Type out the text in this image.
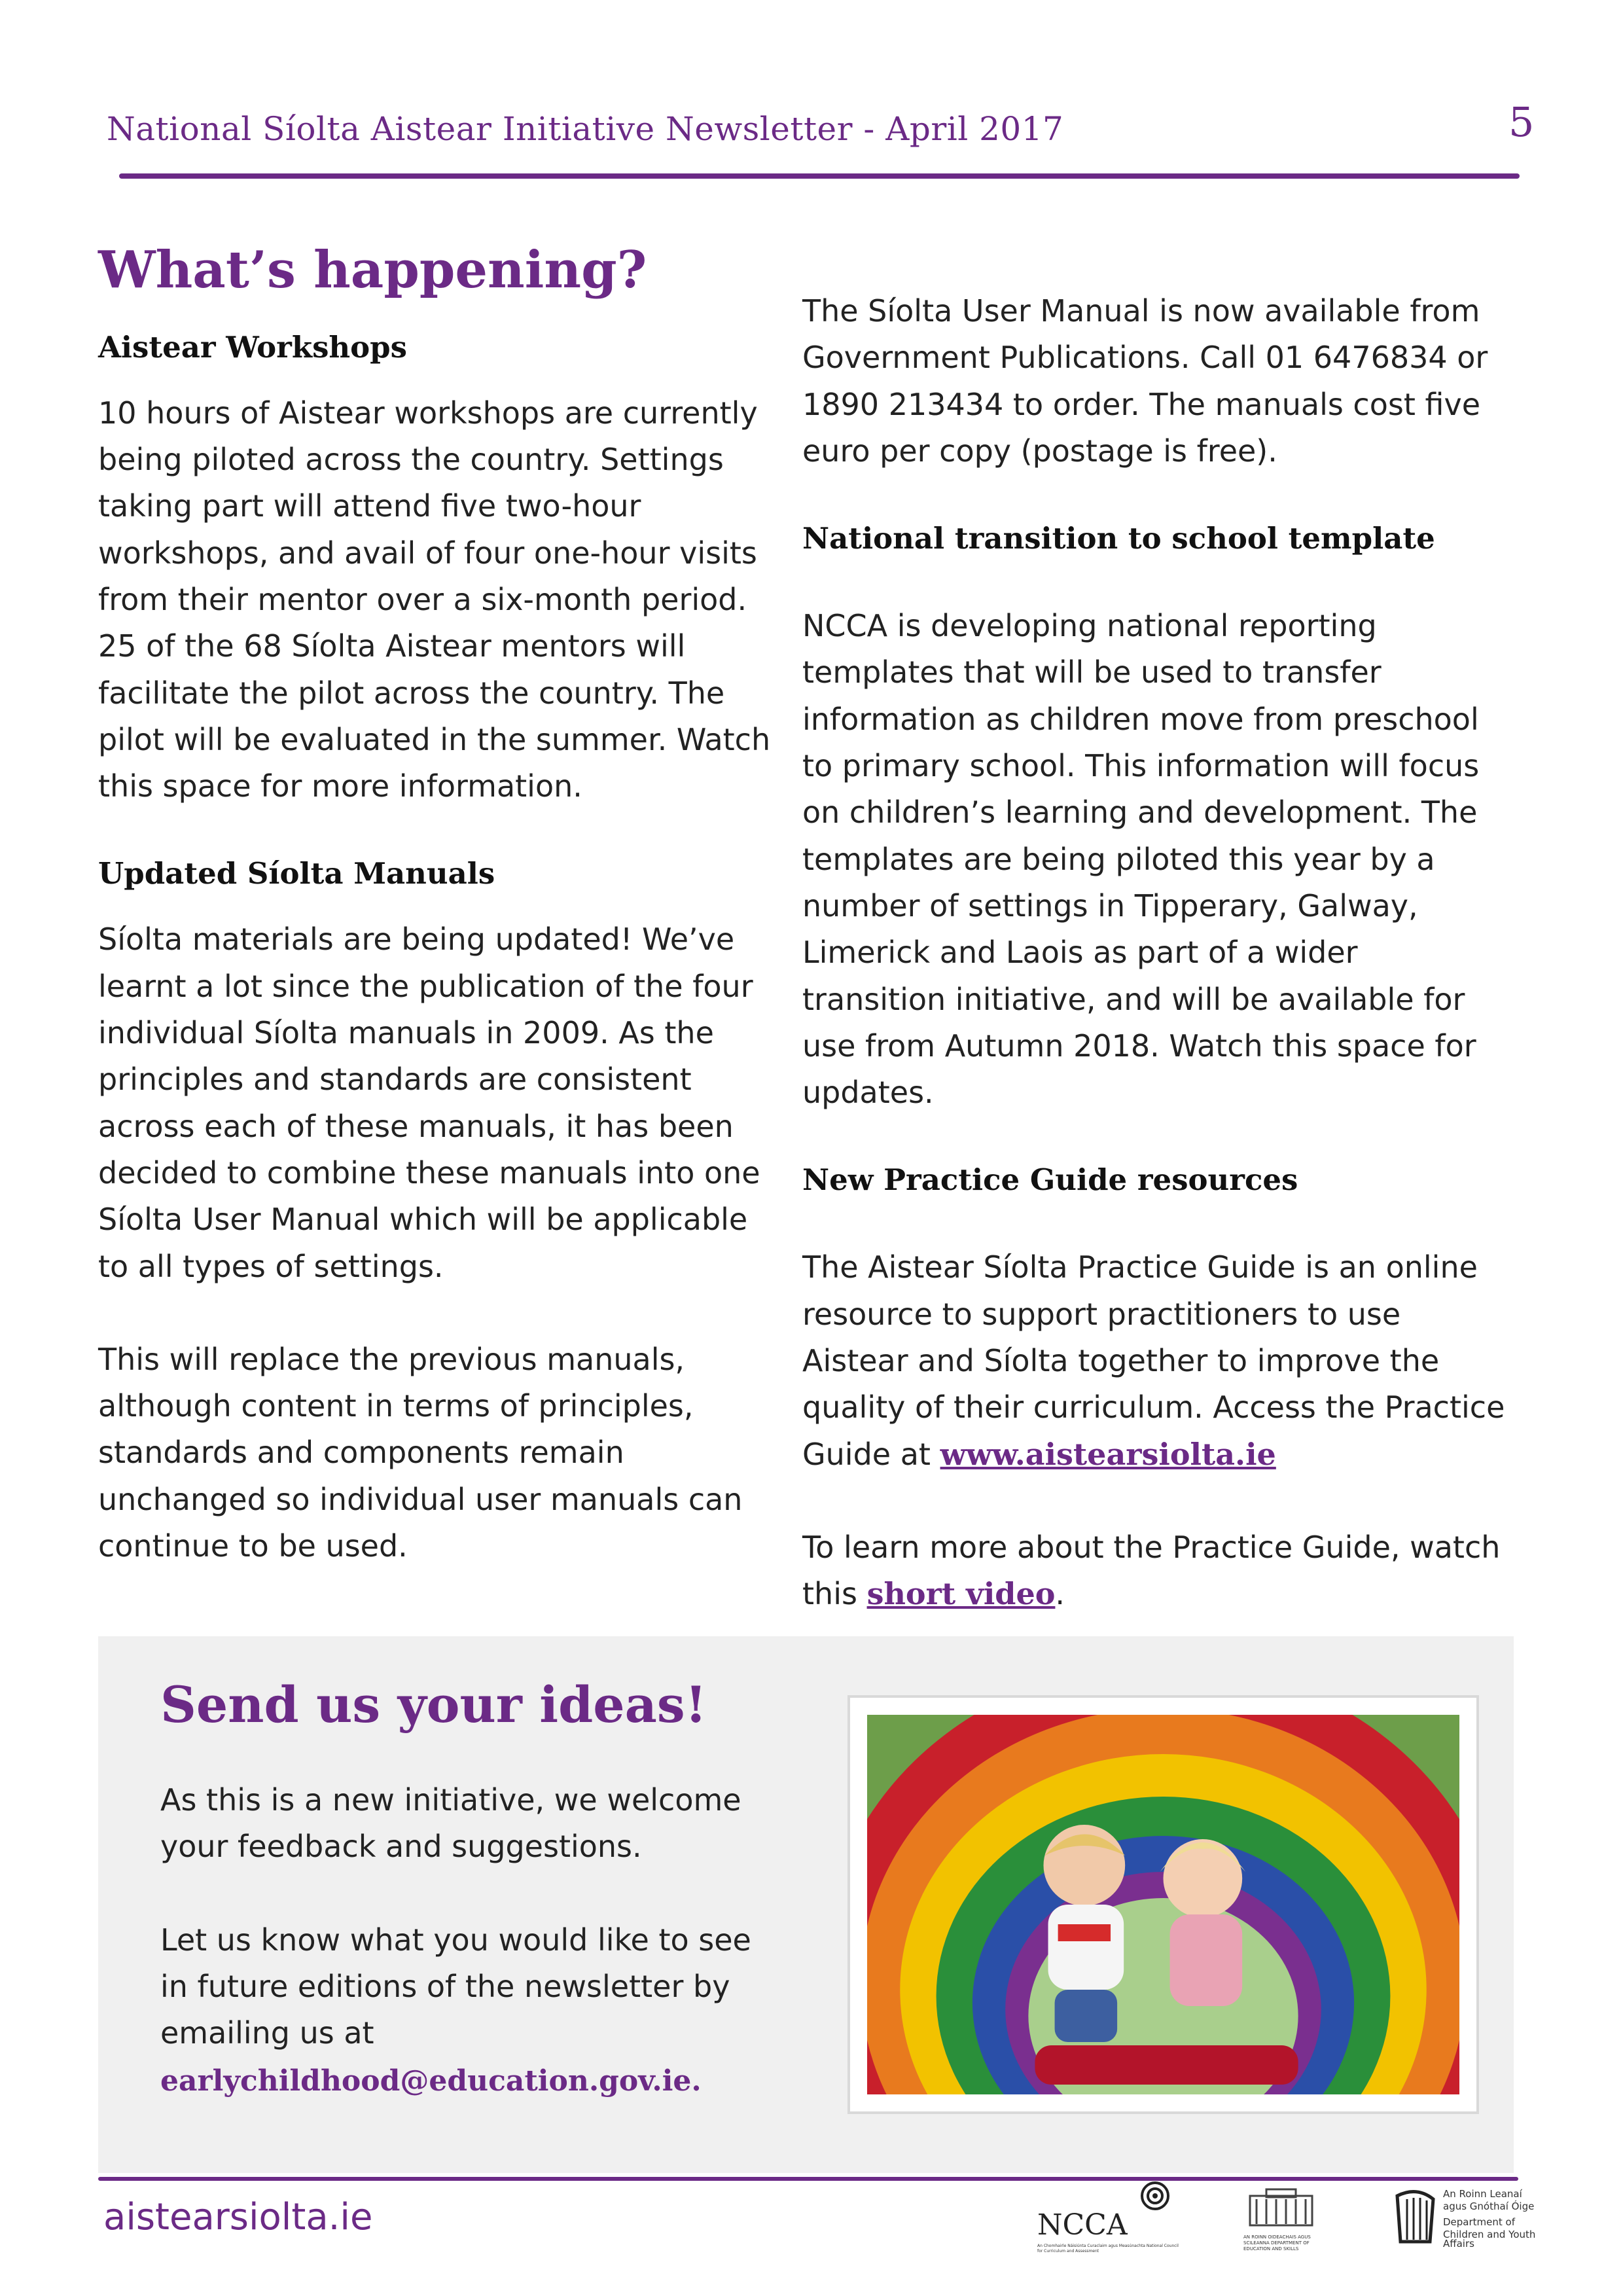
National Síolta Aistear Initiative Newsletter - April 2017	5
What’s happening?
Aistear Workshops

10 hours of Aistear workshops are currently being piloted across the country. Settings taking part will attend five two-hour workshops, and avail of four one-hour visits from their mentor over a six-month period. 25 of the 68 Síolta Aistear mentors will facilitate the pilot across the country. The pilot will be evaluated in the summer. Watch this space for more information.

Updated Síolta Manuals

Síolta materials are being updated! We’ve learnt a lot since the publication of the four individual Síolta manuals in 2009. As the principles and standards are consistent across each of these manuals, it has been decided to combine these manuals into one Síolta User Manual which will be applicable to all types of settings.

This will replace the previous manuals, although content in terms of principles, standards and components remain unchanged so individual user manuals can continue to be used.

The Síolta User Manual is now available from Government Publications. Call 01 6476834 or 1890 213434 to order. The manuals cost five euro per copy (postage is free).

National transition to school template

NCCA is developing national reporting templates that will be used to transfer information as children move from preschool to primary school. This information will focus on children’s learning and development. The templates are being piloted this year by a number of settings in Tipperary, Galway, Limerick and Laois as part of a wider transition initiative, and will be available for use from Autumn 2018. Watch this space for updates.

New Practice Guide resources

The Aistear Síolta Practice Guide is an online resource to support practitioners to use Aistear and Síolta together to improve the quality of their curriculum. Access the Practice Guide at www.aistearsiolta.ie

To learn more about the Practice Guide, watch this short video.

Send us your ideas!

As this is a new initiative, we welcome your feedback and suggestions.

Let us know what you would like to see in future editions of the newsletter by emailing us at

earlychildhood@education.gov.ie.
aistearsiolta.ie	NCCA
An Chomhairle Náisiúnta Curaclaim agus Measúnachta National Council for Curriculum and Assessment
AN ROINN OIDEACHAIS AGUS SCILEANNA DEPARTMENT OF EDUCATION AND SKILLS
An Roinn Leanaí
agus Gnóthaí Óige
Department of
Children and Youth Affairs
